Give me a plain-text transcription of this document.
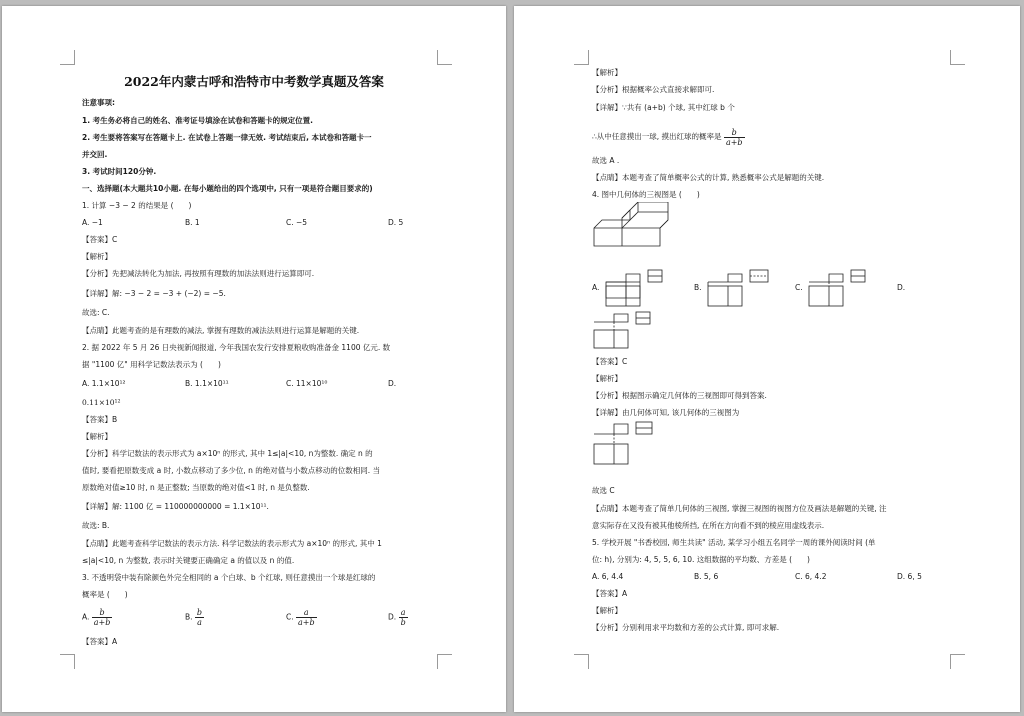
2022年内蒙古呼和浩特市中考数学真题及答案
注意事项:
1. 考生务必将自己的姓名、准考证号填涂在试卷和答题卡的规定位置.
2. 考生要将答案写在答题卡上. 在试卷上答题一律无效. 考试结束后, 本试卷和答题卡一
并交回.
3. 考试时间120分钟.
一、选择题(本大题共10小题. 在每小题给出的四个选项中, 只有一项是符合题目要求的)
1. 计算 −3 − 2 的结果是 (　　)
A. −1	B. 1	C. −5	D. 5
【答案】C
【解析】
【分析】先把减法转化为加法, 再按照有理数的加法法则进行运算即可.
【详解】解: −3 − 2 = −3 + (−2) = −5.
故选: C.
【点睛】此题考查的是有理数的减法, 掌握有理数的减法法则进行运算是解题的关键.
2. 据 2022 年 5 月 26 日央视新闻报道, 今年我国农发行安排夏粮收购准备金 1100 亿元. 数
据 "1100 亿" 用科学记数法表示为 (　　)
A. 1.1×10¹²	B. 1.1×10¹¹	C. 11×10¹⁰	D.
0.11×10¹²
【答案】B
【解析】
【分析】科学记数法的表示形式为 a×10ⁿ 的形式, 其中 1≤|a|<10, n为整数. 确定 n 的
值时, 要看把原数变成 a 时, 小数点移动了多少位, n 的绝对值与小数点移动的位数相同. 当
原数绝对值≥10 时, n 是正整数; 当原数的绝对值<1 时, n 是负整数.
【详解】解: 1100 亿 = 110000000000 = 1.1×10¹¹.
故选: B.
【点睛】此题考查科学记数法的表示方法. 科学记数法的表示形式为 a×10ⁿ 的形式, 其中 1
≤|a|<10, n 为整数, 表示时关键要正确确定 a 的值以及 n 的值.
3. 不透明袋中装有除颜色外完全相同的 a 个白球、b 个红球, 则任意摸出一个球是红球的
概率是 (　　)
A. $\frac{b}{a+b}$	B. $\frac{b}{a}$	C. $\frac{a}{a+b}$	D. $\frac{a}{b}$
【答案】A
【解析】
【分析】根据概率公式直接求解即可.
【详解】∵共有 (a+b) 个球, 其中红球 b 个
∴从中任意摸出一球, 摸出红球的概率是 $\frac{b}{a+b}$
故选 A .
【点睛】本题考查了简单概率公式的计算, 熟悉概率公式是解题的关键.
4. 图中几何体的三视图是 (　　)
A.	B.	C.	D.
【答案】C
【解析】
【分析】根据图示确定几何体的三视图即可得到答案.
【详解】由几何体可知, 该几何体的三视图为
故选 C
【点睛】本题考查了简单几何体的三视图, 掌握三视图的视图方位及画法是解题的关键, 注
意实际存在又没有被其他棱所挡, 在所在方向看不到的棱应用虚线表示.
5. 学校开展 "书香校园, 师生共读" 活动, 某学习小组五名同学一周的课外阅读时间 (单
位: h), 分别为: 4, 5, 5, 6, 10. 这组数据的平均数、方差是 (　　)
A. 6, 4.4	B. 5, 6	C. 6, 4.2	D. 6, 5
【答案】A
【解析】
【分析】分别利用求平均数和方差的公式计算, 即可求解.
